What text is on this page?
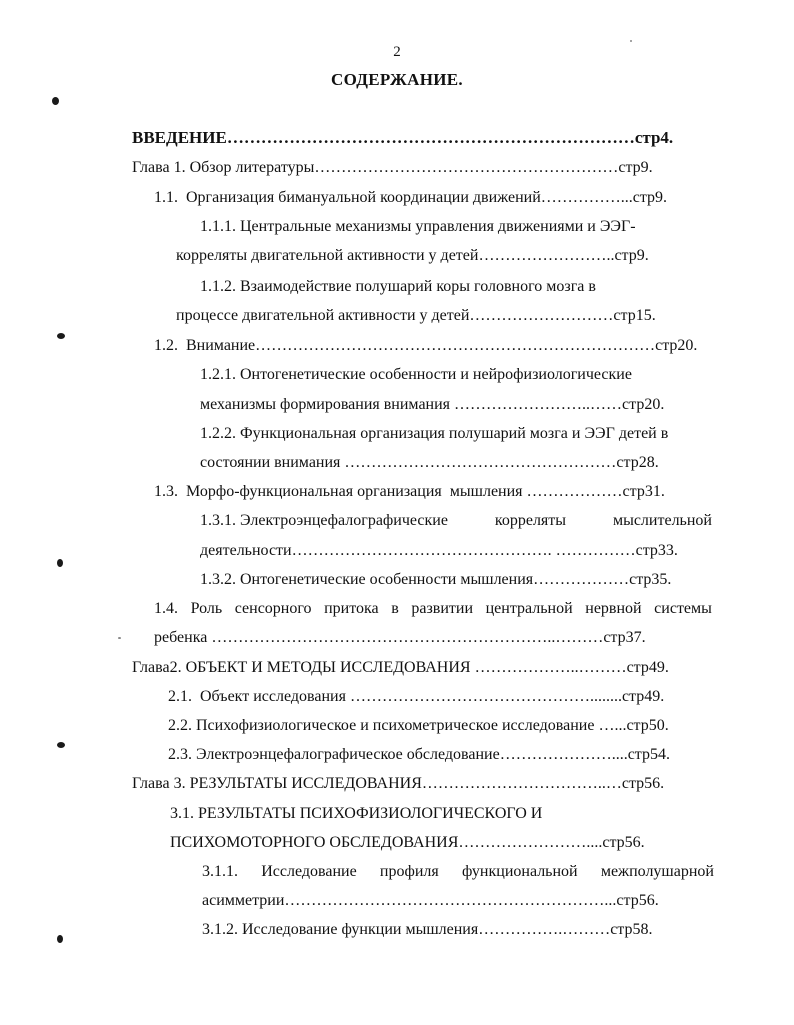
2
СОДЕРЖАНИЕ.
ВВЕДЕНИЕ………………………………………………………………стр4.
Глава 1. Обзор литературы…………………………………………………стр9.
1.1.  Организация бимануальной координации движений……………...стр9.
1.1.1. Центральные механизмы управления движениями и ЭЭГ-
корреляты двигательной активности у детей……………………..стр9.
1.1.2. Взаимодействие полушарий коры головного мозга в
процессе двигательной активности у детей………………………стр15.
1.2.  Внимание…………………………………………………………………стр20.
1.2.1. Онтогенетические особенности и нейрофизиологические
механизмы формирования внимания ……………………..……стр20.
1.2.2. Функциональная организация полушарий мозга и ЭЭГ детей в
состоянии внимания ……………………………………………стр28.
1.3.  Морфо-функциональная организация  мышления ………………стр31.
1.3.1. Электроэнцефалографические	корреляты	мыслительной
деятельности…………………………………………. ……………стр33.
1.3.2. Онтогенетические особенности мышления………………стр35.
1.4. Роль сенсорного притока в развитии центральной нервной системы
ребенка ………………………………………………………..………стр37.
Глава2. ОБЪЕКТ И МЕТОДЫ ИССЛЕДОВАНИЯ ………………..………стр49.
2.1.  Объект исследования ………………………………………........стр49.
2.2. Психофизиологическое и психометрическое исследование …...стр50.
2.3. Электроэнцефалографическое обследование…………………....стр54.
Глава 3. РЕЗУЛЬТАТЫ ИССЛЕДОВАНИЯ……………………………..…стр56.
3.1. РЕЗУЛЬТАТЫ ПСИХОФИЗИОЛОГИЧЕСКОГО И
ПСИХОМОТОРНОГО ОБСЛЕДОВАНИЯ……………………....стр56.
3.1.1. Исследование профиля функциональной межполушарной
асимметрии……………………………………………………...стр56.
3.1.2. Исследование функции мышления…………….………стр58.
